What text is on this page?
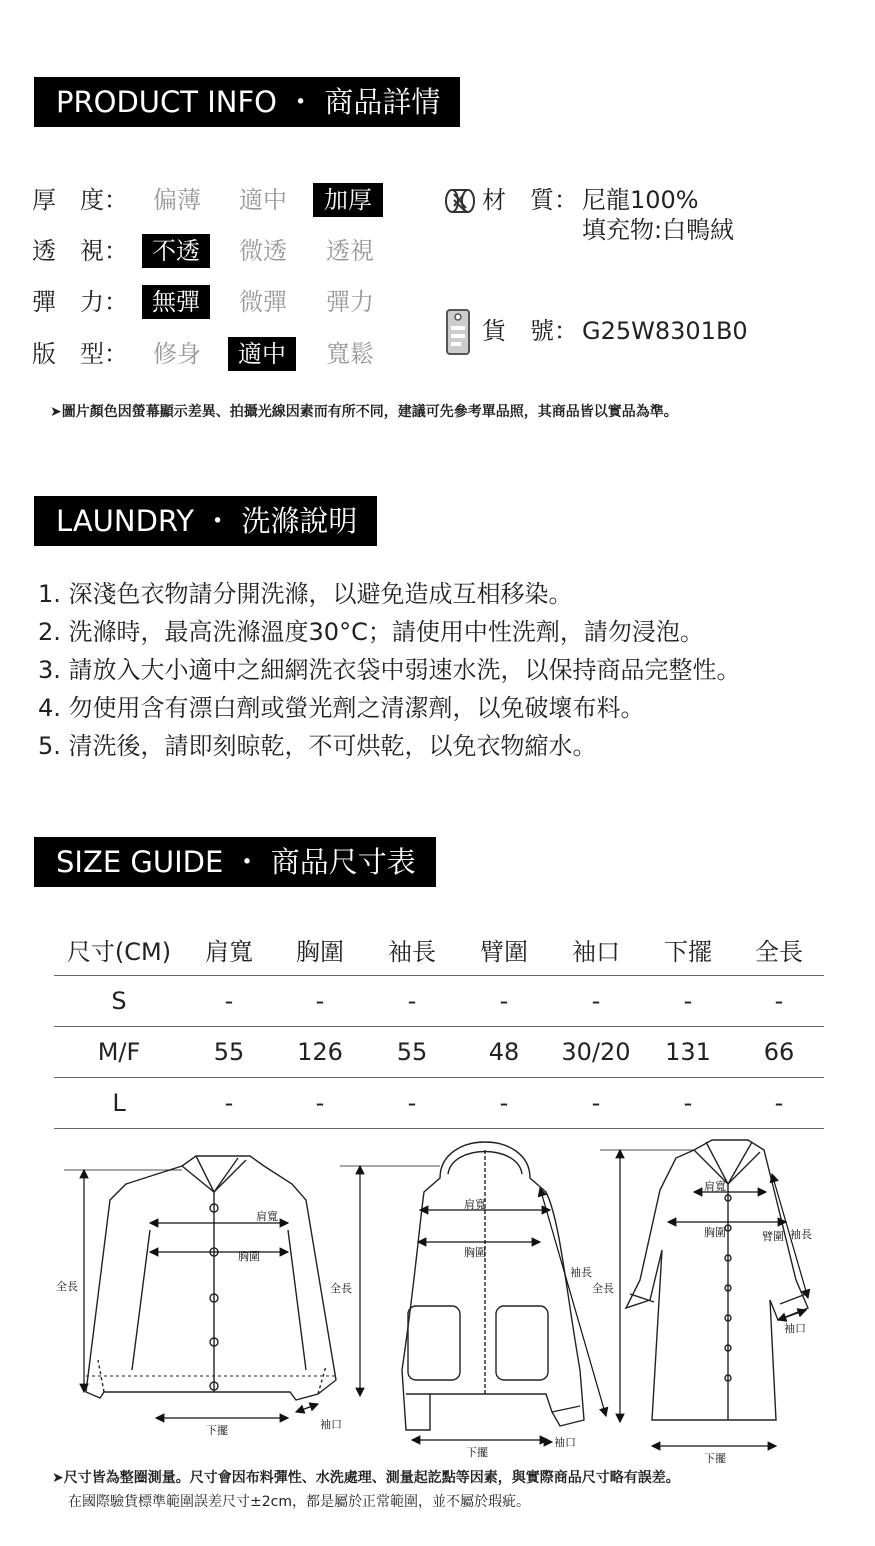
PRODUCT INFO ・ 商品詳情
厚　度：	偏薄 適中	加厚
透　視：	不透	微透 透視
彈　力：	無彈	微彈 彈力
版　型：	修身	適中	寬鬆
材　質： 尼龍100%
填充物:白鴨絨
貨　號： G25W8301B0
➤圖片顏色因螢幕顯示差異、拍攝光線因素而有所不同，建議可先參考單品照，其商品皆以實品為準。
LAUNDRY ・ 洗滌說明
1. 深淺色衣物請分開洗滌，以避免造成互相移染。
2. 洗滌時，最高洗滌溫度30°C；請使用中性洗劑，請勿浸泡。
3. 請放入大小適中之細網洗衣袋中弱速水洗，以保持商品完整性。
4. 勿使用含有漂白劑或螢光劑之清潔劑，以免破壞布料。
5. 清洗後，請即刻晾乾，不可烘乾，以免衣物縮水。
SIZE GUIDE ・ 商品尺寸表
尺寸(CM)	肩寬	胸圍	袖長	臂圍	袖口	下擺	全長
S	-	-	-	-	-	-	-
M/F	55	126	55	48	30/20	131	66
L	-	-	-	-	-	-	-
肩寬
胸圍
全長
下擺	袖口
肩寬
胸圍
全長
袖長
下擺
袖口
肩寬
胸圍	臂圍
全長
袖長
袖口
下擺
➤尺寸皆為整圈測量。尺寸會因布料彈性、水洗處理、測量起訖點等因素，與實際商品尺寸略有誤差。
在國際驗貨標準範圍誤差尺寸±2cm，都是屬於正常範圍，並不屬於瑕疵。
